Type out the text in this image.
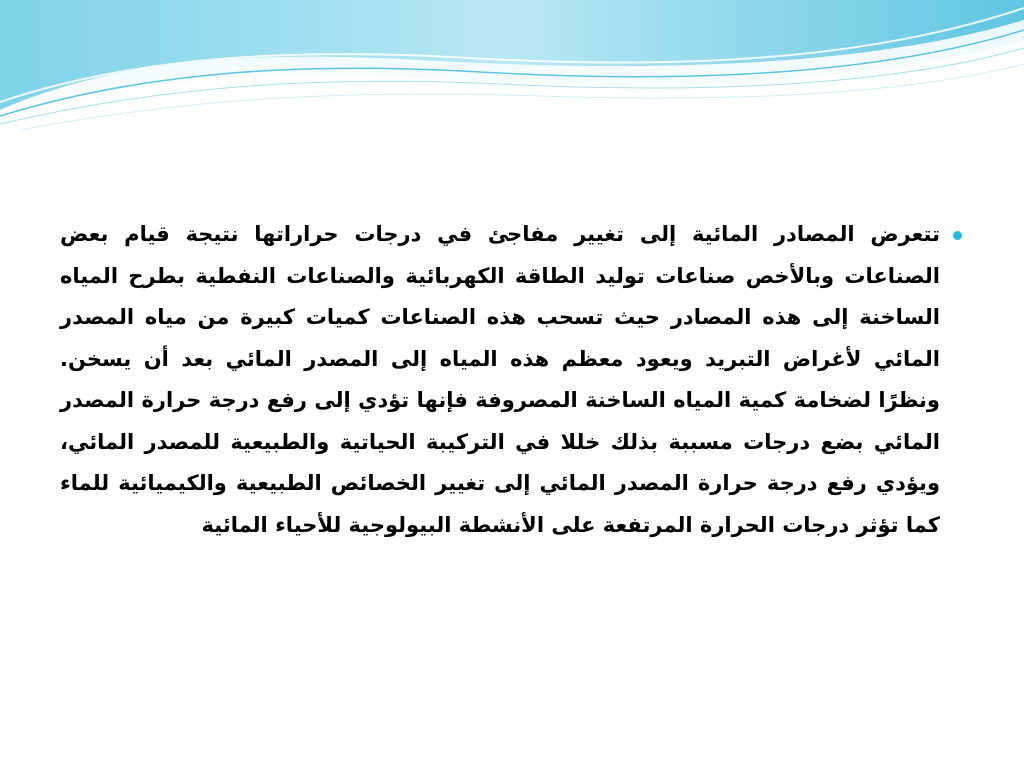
تتعرض المصادر المائية إلى تغيير مفاجئ في درجات حراراتها نتيجة قيام بعض الصناعات وبالأخص صناعات توليد الطاقة الكهربائية والصناعات النفطية بطرح المياه الساخنة إلى هذه المصادر حيث تسحب هذه الصناعات كميات كبيرة من مياه المصدر المائي لأغراض التبريد ويعود معظم هذه المياه إلى المصدر المائي بعد أن يسخن. ونظرًا لضخامة كمية المياه الساخنة المصروفة فإنها تؤدي إلى رفع درجة حرارة المصدر المائي بضع درجات مسببة بذلك خللا في التركيبة الحياتية والطبيعية للمصدر المائي، ويؤدي رفع درجة حرارة المصدر المائي إلى تغيير الخصائص الطبيعية والكيميائية للماء كما تؤثر درجات الحرارة المرتفعة على الأنشطة البيولوجية للأحياء المائية
